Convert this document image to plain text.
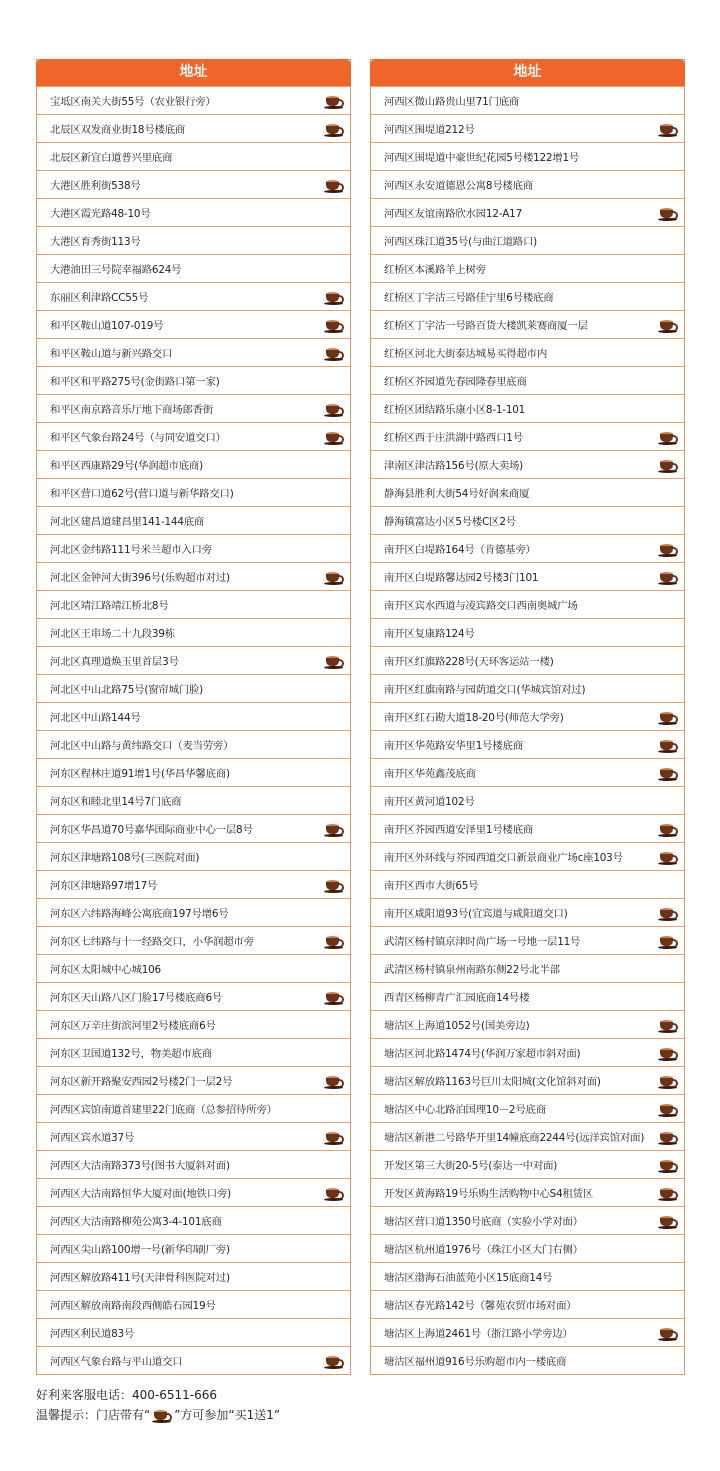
地址
宝坻区南关大街55号（农业银行旁）
北辰区双发商业街18号楼底商
北辰区新宜白道普兴里底商
大港区胜利街538号
大港区霞光路48-10号
大港区育秀街113号
大港油田三号院幸福路624号
东丽区利津路CC55号
和平区鞍山道107-019号
和平区鞍山道与新兴路交口
和平区和平路275号(金街路口第一家)
和平区南京路音乐厅地下商场郎香街
和平区气象台路24号（与同安道交口）
和平区西康路29号(华润超市底商)
和平区营口道62号(营口道与新华路交口)
河北区建昌道建昌里141-144底商
河北区金纬路111号米兰超市入口旁
河北区金钟河大街396号(乐购超市对过)
河北区靖江路靖江桥北8号
河北区王串场二十九段39栋
河北区真理道焕玉里首层3号
河北区中山北路75号(窗帘城门脸)
河北区中山路144号
河北区中山路与黄纬路交口（麦当劳旁）
河东区程林庄道91增1号(华昌华馨底商)
河东区和睦北里14号7门底商
河东区华昌道70号嘉华国际商业中心一层8号
河东区津塘路108号(三医院对面)
河东区津塘路97增17号
河东区六纬路海峰公寓底商197号增6号
河东区七纬路与十一经路交口，小华润超市旁
河东区太阳城中心城106
河东区天山路八区门脸17号楼底商6号
河东区万辛庄街滨河里2号楼底商6号
河东区卫国道132号，物美超市底商
河东区新开路聚安西园2号楼2门一层2号
河西区宾馆南道首建里22门底商（总参招待所旁）
河西区宾水道37号
河西区大沽南路373号(图书大厦斜对面)
河西区大沽南路恒华大厦对面(地铁口旁)
河西区大沽南路柳苑公寓3-4-101底商
河西区尖山路100增一号(新华印刷厂旁)
河西区解放路411号(天津骨科医院对过)
河西区解放南路南段西侧皓石园19号
河西区利民道83号
河西区气象台路与平山道交口
地址
河西区微山路贵山里71门底商
河西区围堤道212号
河西区围堤道中豪世纪花园5号楼122增1号
河西区永安道德恩公寓8号楼底商
河西区友谊南路欣水园12-A17
河西区珠江道35号(与曲江道路口)
红桥区本溪路羊上树旁
红桥区丁字沽三号路佳宁里6号楼底商
红桥区丁字沽一号路百货大楼凯莱赛商厦一层
红桥区河北大街泰达城易买得超市内
红桥区芥园道先春园隆春里底商
红桥区团结路乐康小区8-1-101
红桥区西于庄洪湖中路西口1号
津南区津沽路156号(原大卖场)
静海县胜利大街54号好润来商厦
静海镇富达小区5号楼C区2号
南开区白堤路164号（肯德基旁）
南开区白堤路馨达园2号楼3门101
南开区宾水西道与凌宾路交口西南奥城广场
南开区复康路124号
南开区红旗路228号(天环客运站一楼)
南开区红旗南路与园荫道交口(华城宾馆对过)
南开区红石勘大道18-20号(师范大学旁)
南开区华苑路安华里1号楼底商
南开区华苑鑫茂底商
南开区黄河道102号
南开区芥园西道安泽里1号楼底商
南开区外环线与芥园西道交口新景商业广场c座103号
南开区西市大街65号
南开区咸阳道93号(宜宾道与咸阳道交口)
武清区杨村镇京津时尚广场一号地一层11号
武清区杨村镇泉州南路东侧22号北半部
西青区杨柳青广汇园底商14号楼
塘沽区上海道1052号(国美旁边)
塘沽区河北路1474号(华润万家超市斜对面)
塘沽区解放路1163号巨川太阳城(文化馆斜对面)
塘沽区中心北路泊国理10－2号底商
塘沽区新港二号路华开里14幢底商2244号(远洋宾馆对面)
开发区第三大街20-5号(泰达一中对面)
开发区黄海路19号乐购生活购物中心S4租赁区
塘沽区营口道1350号底商（实验小学对面）
塘沽区杭州道1976号（珠江小区大门右侧）
塘沽区渤海石油蓝苑小区15底商14号
塘沽区春光路142号（馨苑农贸市场对面）
塘沽区上海道2461号（浙江路小学旁边）
塘沽区福州道916号乐购超市内一楼底商
好利来客服电话：400-6511-666
温馨提示：门店带有“ ”方可参加“买1送1”
